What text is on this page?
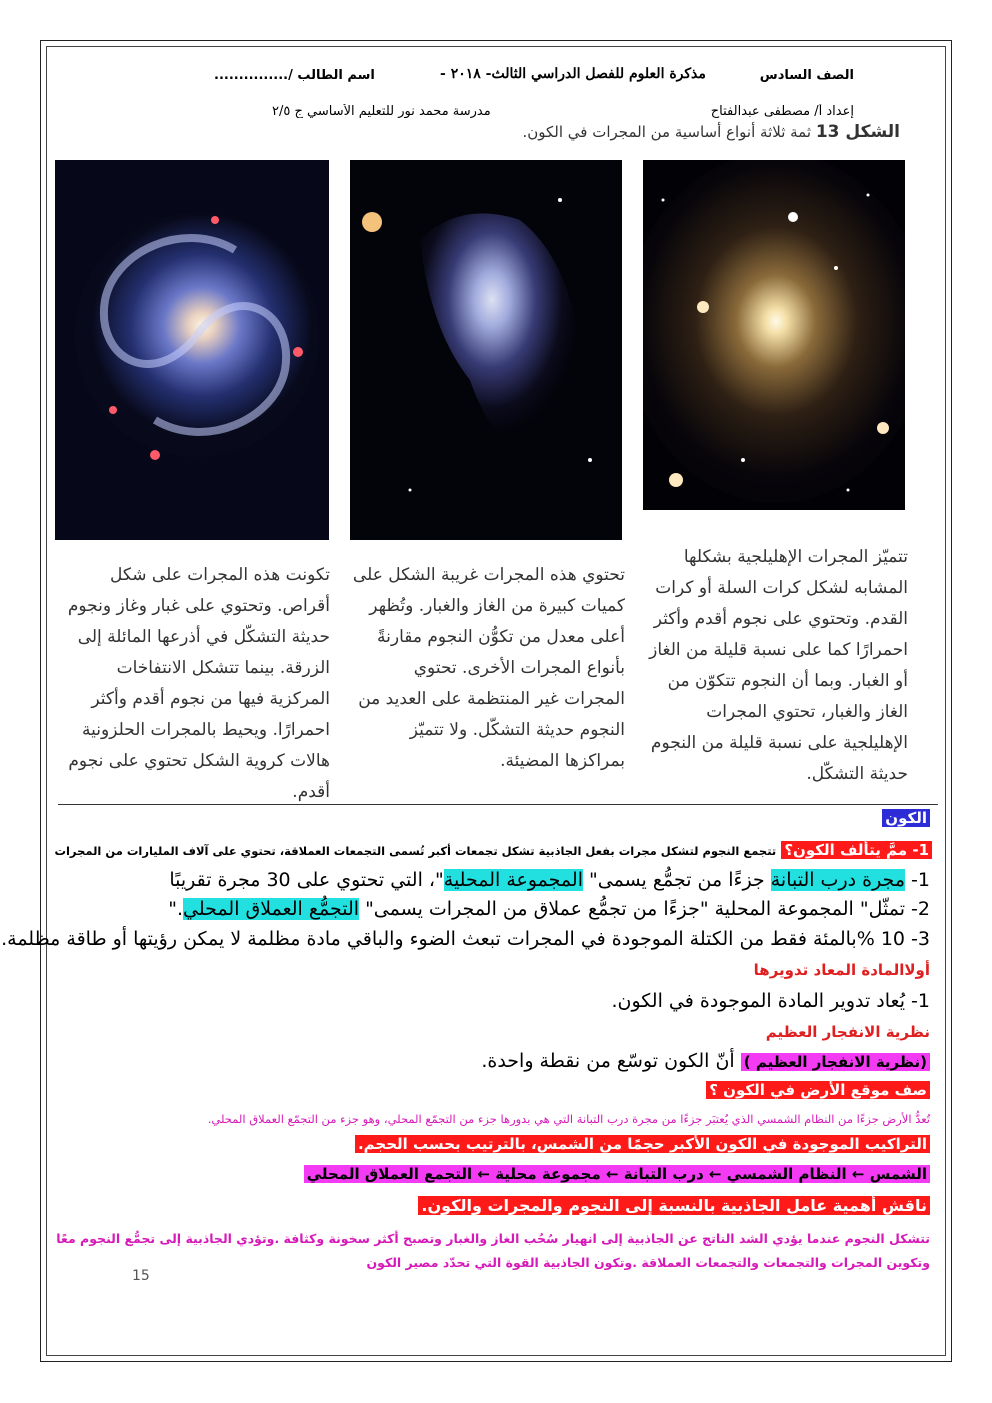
الصف السادس
- مذكرة العلوم للفصل الدراسي الثالث- ٢٠١٨
اسم الطالب /...............
إعداد أ/ مصطفى عبدالفتاح
مدرسة محمد نور للتعليم الأساسي ج ٢/٥
الشكل 13 ثمة ثلاثة أنواع أساسية من المجرات في الكون.
تتميّز المجرات الإهليلجية بشكلها المشابه لشكل كرات السلة أو كرات القدم. وتحتوي على نجوم أقدم وأكثر احمرارًا كما على نسبة قليلة من الغاز أو الغبار. وبما أن النجوم تتكوّن من الغاز والغبار، تحتوي المجرات الإهليلجية على نسبة قليلة من النجوم حديثة التشكّل.
تحتوي هذه المجرات غريبة الشكل على كميات كبيرة من الغاز والغبار. وتُظهر أعلى معدل من تكوُّن النجوم مقارنةً بأنواع المجرات الأخرى. تحتوي المجرات غير المنتظمة على العديد من النجوم حديثة التشكّل. ولا تتميّز بمراكزها المضيئة.
تكونت هذه المجرات على شكل أقراص. وتحتوي على غبار وغاز ونجوم حديثة التشكّل في أذرعها المائلة إلى الزرقة. بينما تتشكل الانتفاخات المركزية فيها من نجوم أقدم وأكثر احمرارًا. ويحيط بالمجرات الحلزونية هالات كروية الشكل تحتوي على نجوم أقدم.
الكون
1- ممَّ يتألف الكون؟ تتجمع النجوم لتشكل مجرات بفعل الجاذبية تشكل تجمعات أكبر تُسمى التجمعات العملاقة، تحتوي على آلاف المليارات من المجرات
1- مجرة درب التبانة جزءًا من تجمُّع يسمى" المجموعة المحلية"، التي تحتوي على 30 مجرة تقريبًا
2- تمثّل" المجموعة المحلية "جزءًا من تجمُّع عملاق من المجرات يسمى" التجمُّع العملاق المحلي."
3- 10 %بالمئة فقط من الكتلة الموجودة في المجرات تبعث الضوء والباقي مادة مظلمة لا يمكن رؤيتها أو طاقة مظلمة.
أولاالمادة المعاد تدويرها
1- يُعاد تدوير المادة الموجودة في الكون.
نظرية الانفجار العظيم
(نظرية الانفجار العظيم ) أنّ الكون توسّع من نقطة واحدة.
صف موقع الأرض في الكون ؟
تُعدُّ الأرض جزءًا من النظام الشمسي الذي يُعتبَر جزءًا من مجرة درب التبانة التي هي بدورها جزء من التجمّع المحلي، وهو جزء من التجمّع العملاق المحلي.
التراكيب الموجودة في الكون الأكبر حجمًا من الشمس، بالترتيب بحسب الحجم.
الشمس ← النظام الشمسي ← درب التبانة ← مجموعة محلية ← التجمع العملاق المحلي
ناقش أهمية عامل الجاذبية بالنسبة إلى النجوم والمجرات والكون.
تتشكل النجوم عندما يؤدي الشد الناتج عن الجاذبية إلى انهيار سُحُب الغاز والغبار وتصبح أكثر سخونة وكثافة .وتؤدي الجاذبية إلى تجمُّع النجوم معًا
وتكوين المجرات والتجمعات والتجمعات العملاقة .وتكون الجاذبية القوة التي تحدّد مصير الكون
15
